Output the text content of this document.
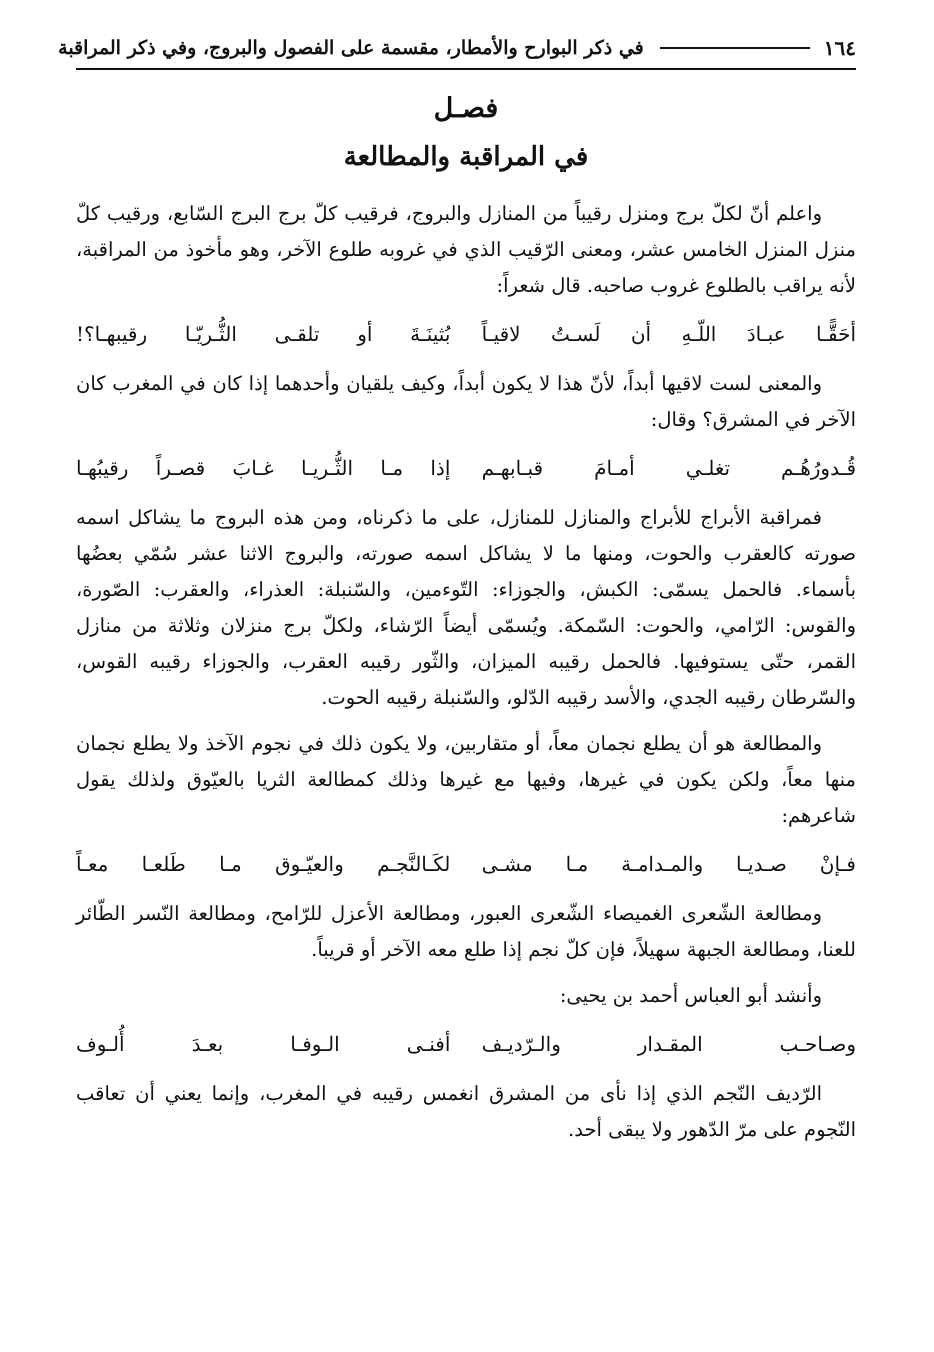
١٦٤
في ذكر البوارح والأمطار، مقسمة على الفصول والبروج، وفي ذكر المراقبة
فصـل
في المراقبة والمطالعة

واعلم أنّ لكلّ برج ومنزل رقيباً من المنازل والبروج، فرقيب كلّ برج البرج السّابع، ورقيب كلّ منزل المنزل الخامس عشر، ومعنى الرّقيب الذي في غروبه طلوع الآخر، وهو مأخوذ من المراقبة، لأنه يراقب بالطلوع غروب صاحبه. قال شعراً:

أحَقًّـا عبـادَ اللّـهِ أن لَسـتُ لاقيـاً
بُثينَـةَ أو تلقـى الثُّـريّـا رقيبهـا؟!

والمعنى لست لاقيها أبداً، لأنّ هذا لا يكون أبداً، وكيف يلقيان وأحدهما إذا كان في المغرب كان الآخر في المشرق؟ وقال:

قُـدورُهُـم تغلـي أمـامَ قبـابهـم
إذا مـا الثُّـريـا غـابَ قصـراً رقيبُهـا

فمراقبة الأبراج للأبراج والمنازل للمنازل، على ما ذكرناه، ومن هذه البروج ما يشاكل اسمه صورته كالعقرب والحوت، ومنها ما لا يشاكل اسمه صورته، والبروج الاثنا عشر سُمّي بعضُها بأسماء. فالحمل يسمّى: الكبش، والجوزاء: التّوءمين، والسّنبلة: العذراء، والعقرب: الصّورة، والقوس: الرّامي، والحوت: السّمكة. ويُسمّى أيضاً الرّشاء، ولكلّ برج منزلان وثلاثة من منازل القمر، حتّى يستوفيها. فالحمل رقيبه الميزان، والثّور رقيبه العقرب، والجوزاء رقيبه القوس، والسّرطان رقيبه الجدي، والأسد رقيبه الدّلو، والسّنبلة رقيبه الحوت.

والمطالعة هو أن يطلع نجمان معاً، أو متقاربين، ولا يكون ذلك في نجوم الآخذ ولا يطلع نجمان منها معاً، ولكن يكون في غيرها، وفيها مع غيرها وذلك كمطالعة الثريا بالعيّوق ولذلك يقول شاعرهم:

فـإنْ صـديـا والمـدامـة مـا مشـى
لكَـالنَّجـم والعيّـوق مـا طَلعـا معـاً

ومطالعة الشّعرى الغميصاء الشّعرى العبور، ومطالعة الأعزل للرّامح، ومطالعة النّسر الطّائر للعنا، ومطالعة الجبهة سهيلاً، فإن كلّ نجم إذا طلع معه الآخر أو قريباً.

وأنشد أبو العباس أحمد بن يحيى:

وصـاحـب المقـدار والـرّديـف
أفنـى الـوفـا بعـدَ أُلـوف

الرّديف النّجم الذي إذا نأى من المشرق انغمس رقيبه في المغرب، وإنما يعني أن تعاقب النّجوم على مرّ الدّهور ولا يبقى أحد.
